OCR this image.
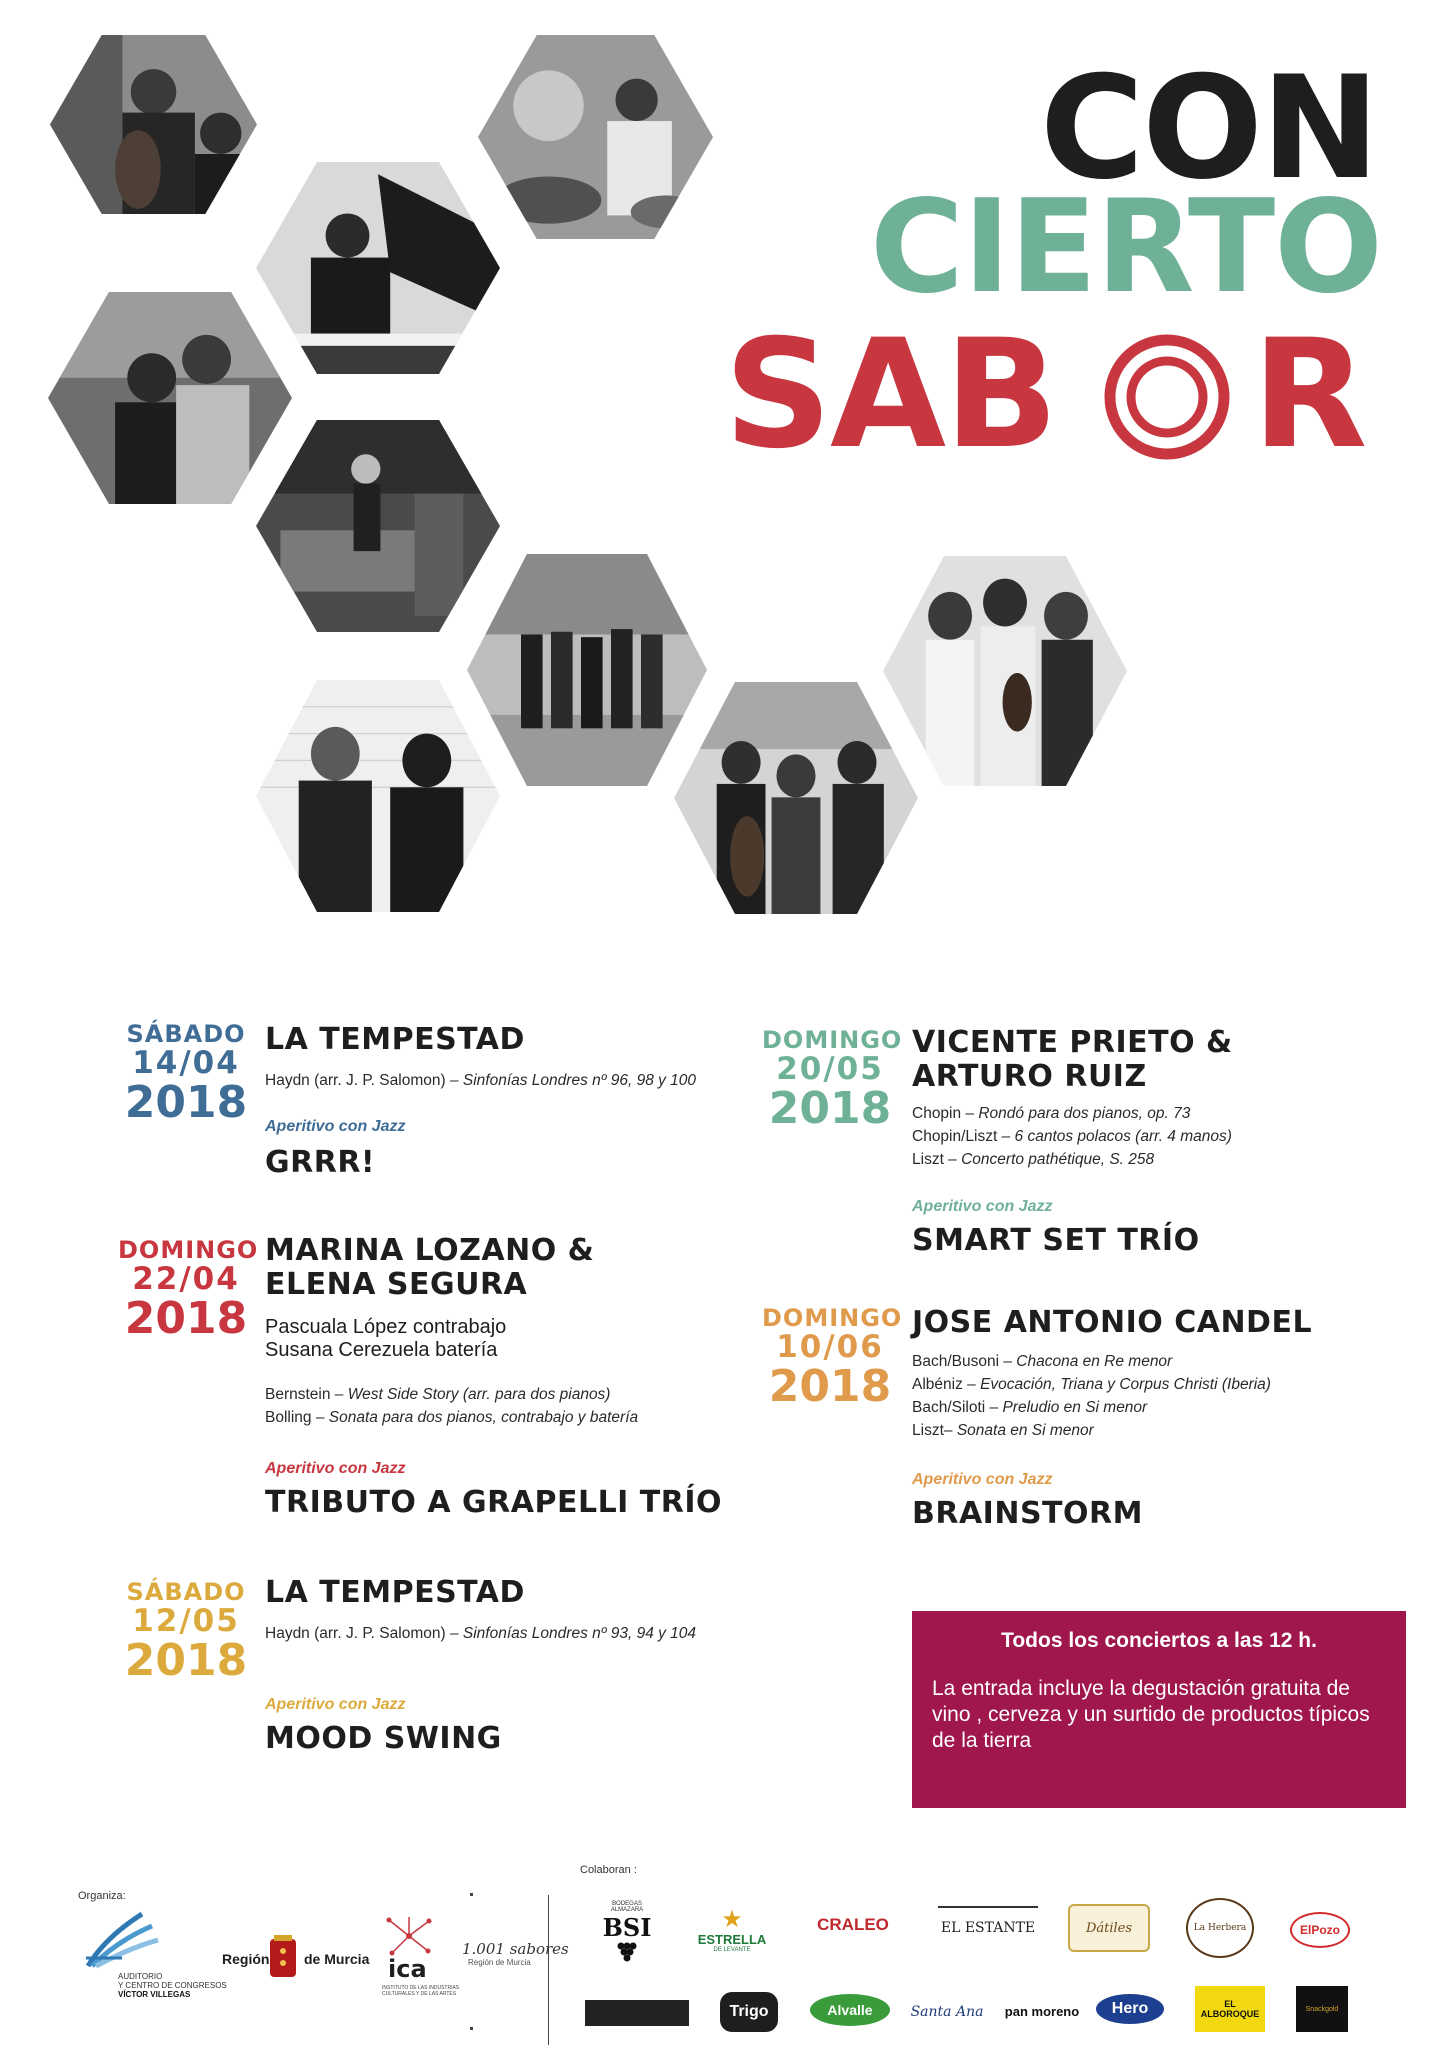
CON
CIERTO
SAB R
SÁBADO
14/04
2018
LA TEMPESTAD
Haydn (arr. J. P. Salomon) – Sinfonías Londres nº 96, 98 y 100
Aperitivo con Jazz
GRRR!
DOMINGO
22/04
2018
MARINA LOZANO &
ELENA SEGURA
Pascuala López contrabajo
Susana Cerezuela batería
Bernstein – West Side Story (arr. para dos pianos)
Bolling – Sonata para dos pianos, contrabajo y batería
Aperitivo con Jazz
TRIBUTO A GRAPELLI TRÍO
SÁBADO
12/05
2018
LA TEMPESTAD
Haydn (arr. J. P. Salomon) – Sinfonías Londres nº 93, 94 y 104
Aperitivo con Jazz
MOOD SWING
DOMINGO
20/05
2018
VICENTE PRIETO &
ARTURO RUIZ
Chopin – Rondó para dos pianos, op. 73
Chopin/Liszt – 6 cantos polacos (arr. 4 manos)
Liszt – Concerto pathétique, S. 258
Aperitivo con Jazz
SMART SET TRÍO
DOMINGO
10/06
2018
JOSE ANTONIO CANDEL
Bach/Busoni – Chacona en Re menor
Albéniz – Evocación, Triana y Corpus Christi (Iberia)
Bach/Siloti – Preludio en Si menor
Liszt– Sonata en Si menor
Aperitivo con Jazz
BRAINSTORM
Todos los conciertos a las 12 h.
La entrada incluye la degustación gratuita de vino , cerveza y un surtido de productos típicos de la tierra
Organiza:
Colaboran :
AUDITORIO
Y CENTRO DE CONGRESOS
VÍCTOR VILLEGAS
Región de Murcia ica
INSTITUTO DE LAS INDUSTRIAS CULTURALES Y DE LAS ARTES
1.001 sabores
Región de Murcia
BODEGAS ALMAZARA
BSI	★
ESTRELLA
DE LEVANTE
CRALEO	EL ESTANTE	Dátiles	La Herbera	ElPozo
Trigo	Alvalle	Santa Ana pan moreno Hero	EL ALBOROQUE	Snackgold
